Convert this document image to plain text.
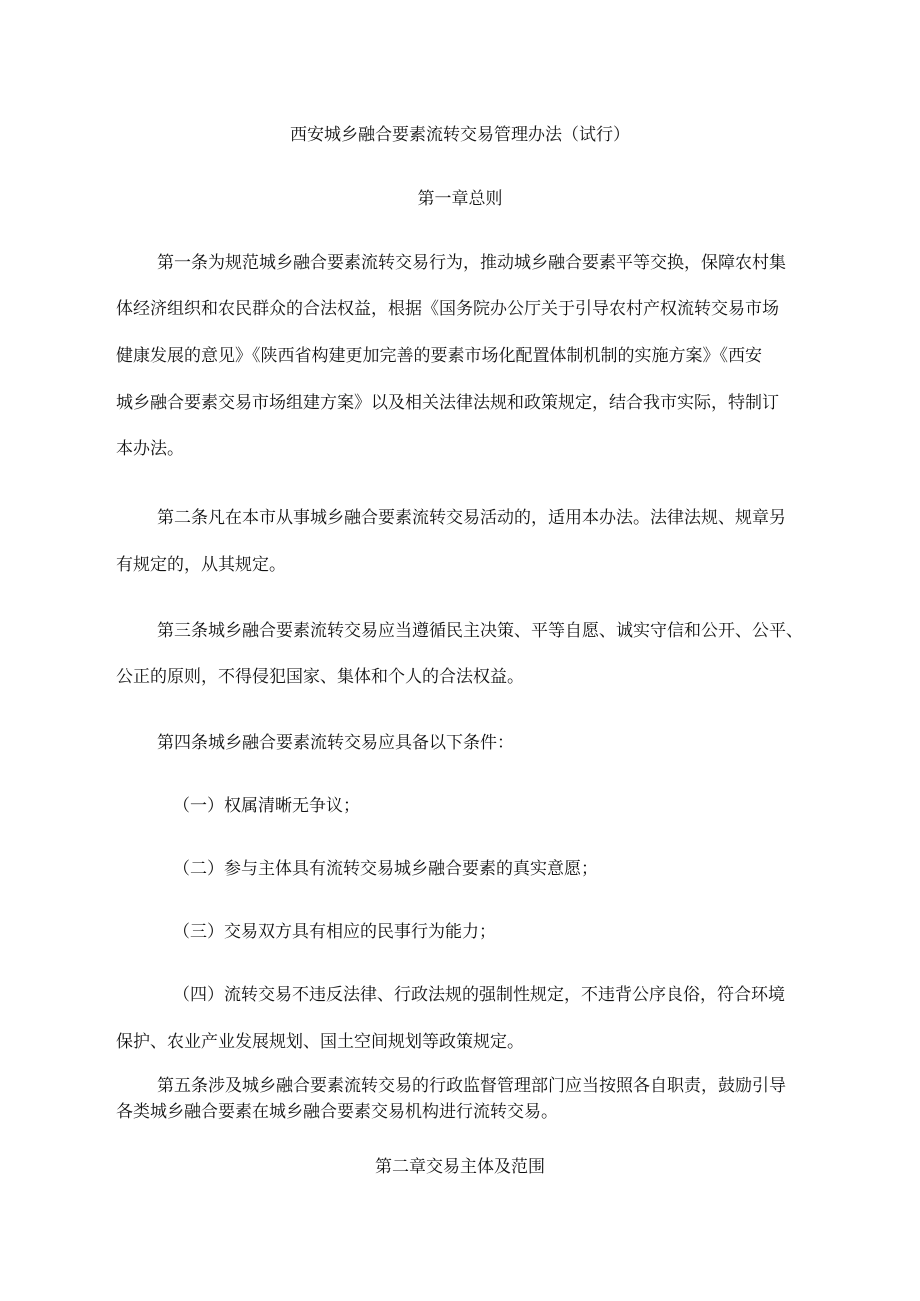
西安城乡融合要素流转交易管理办法（试行）
第一章总则
第一条为规范城乡融合要素流转交易行为，推动城乡融合要素平等交换，保障农村集
体经济组织和农民群众的合法权益，根据《国务院办公厅关于引导农村产权流转交易市场
健康发展的意见》《陕西省构建更加完善的要素市场化配置体制机制的实施方案》《西安
城乡融合要素交易市场组建方案》以及相关法律法规和政策规定，结合我市实际，特制订
本办法。
第二条凡在本市从事城乡融合要素流转交易活动的，适用本办法。法律法规、规章另
有规定的，从其规定。
第三条城乡融合要素流转交易应当遵循民主决策、平等自愿、诚实守信和公开、公平、
公正的原则，不得侵犯国家、集体和个人的合法权益。
第四条城乡融合要素流转交易应具备以下条件：
（一）权属清晰无争议；
（二）参与主体具有流转交易城乡融合要素的真实意愿；
（三）交易双方具有相应的民事行为能力；
（四）流转交易不违反法律、行政法规的强制性规定，不违背公序良俗，符合环境
保护、农业产业发展规划、国土空间规划等政策规定。
第五条涉及城乡融合要素流转交易的行政监督管理部门应当按照各自职责，鼓励引导
各类城乡融合要素在城乡融合要素交易机构进行流转交易。
第二章交易主体及范围
